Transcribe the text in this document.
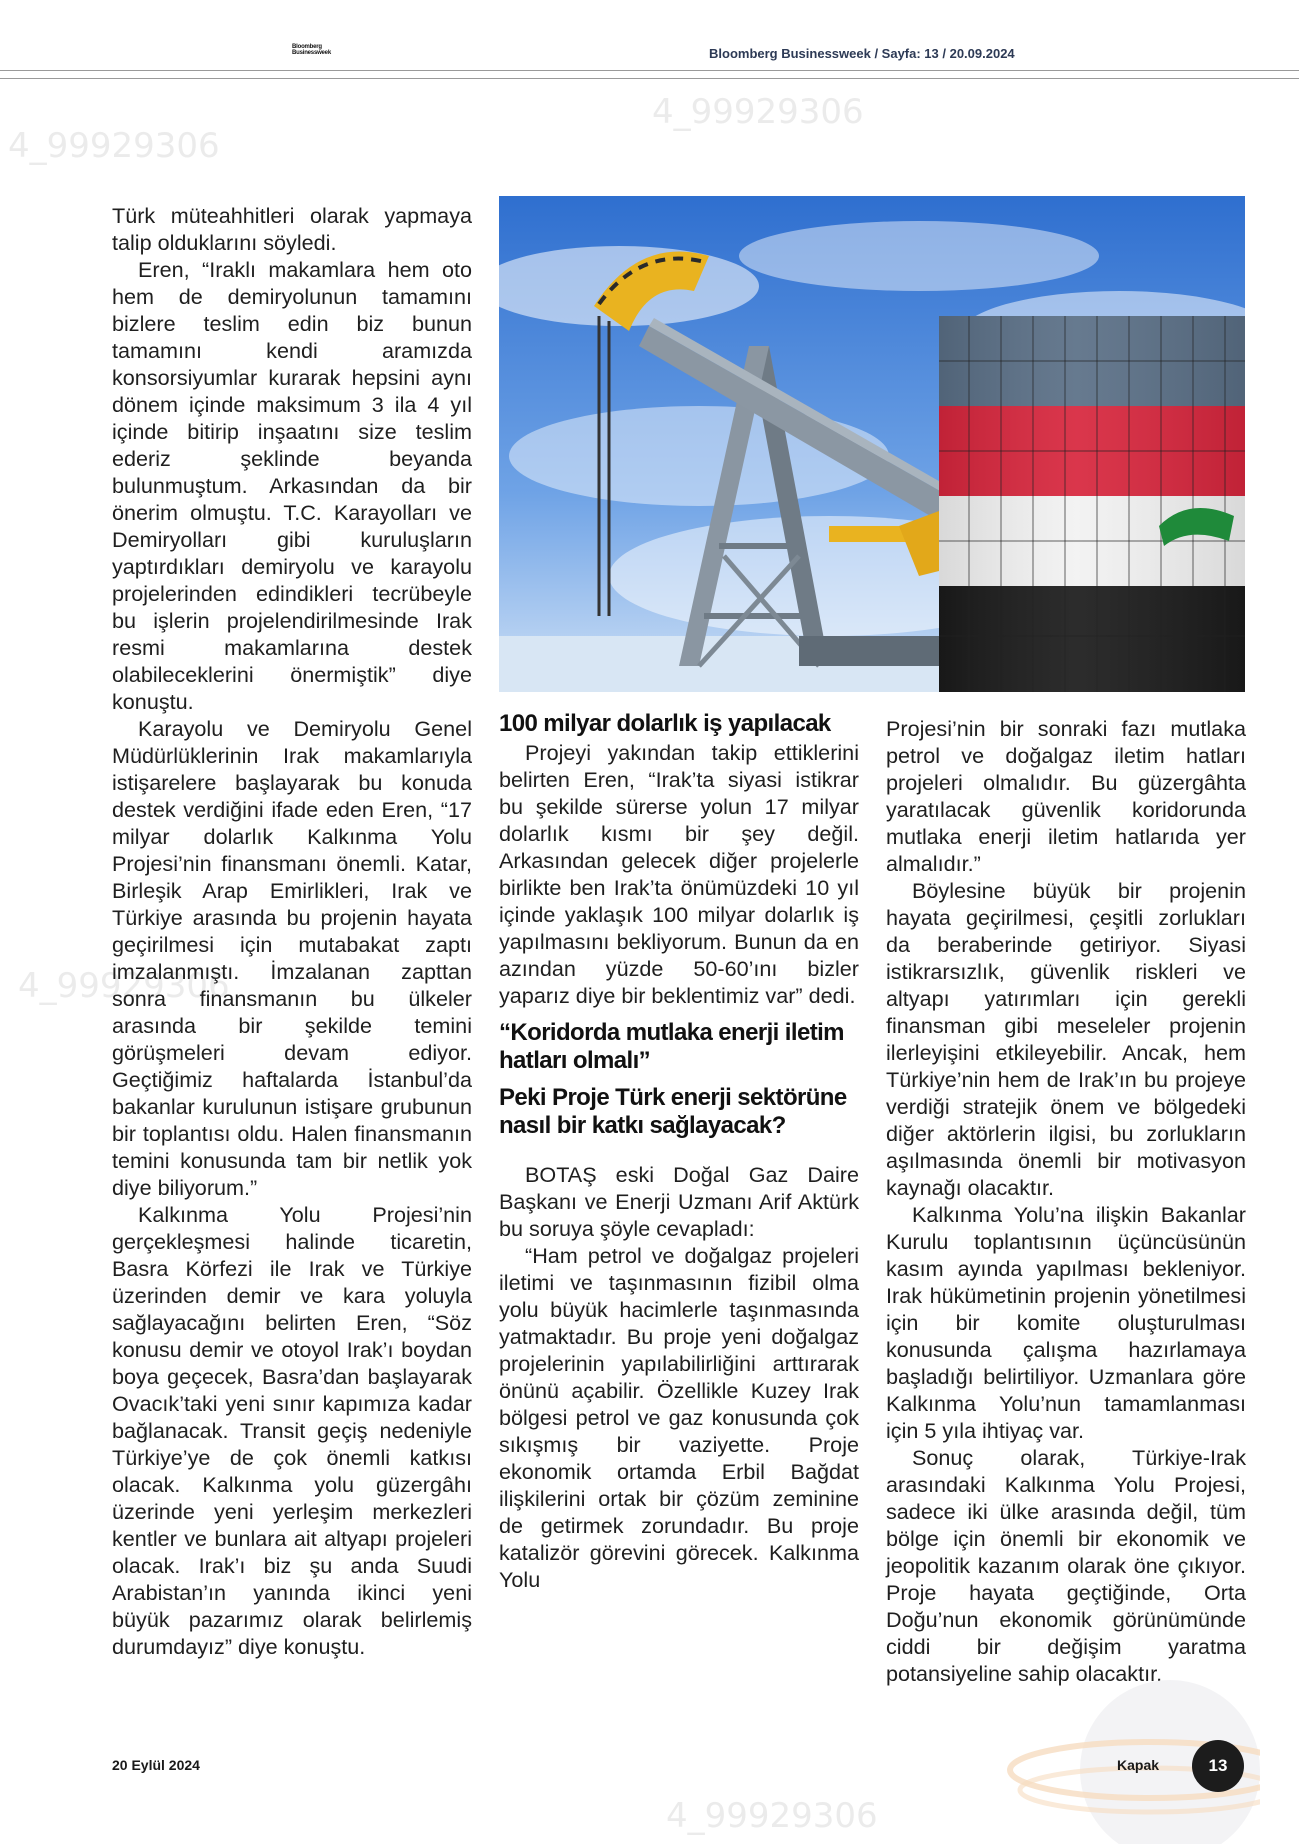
Bloomberg Businessweek	Bloomberg Businessweek / Sayfa: 13 / 20.09.2024
4_99929306
4_99929306
4_99929306
4_99929306

Türk müteahhitleri olarak yapmaya talip olduklarını söyledi.

Eren, “Iraklı makamlara hem oto hem de demiryolunun tamamını bizlere teslim edin biz bunun tamamını kendi aramızda konsorsiyumlar kurarak hepsini aynı dönem içinde maksimum 3 ila 4 yıl içinde bitirip inşaatını size teslim ederiz şeklinde beyanda bulunmuştum. Arkasından da bir önerim olmuştu. T.C. Karayolları ve Demiryolları gibi kuruluşların yaptırdıkları demiryolu ve karayolu projelerinden edindikleri tecrübeyle bu işlerin projelendirilmesinde Irak resmi makamlarına destek olabileceklerini önermiştik” diye konuştu.

Karayolu ve Demiryolu Genel Müdürlüklerinin Irak makamlarıyla istişarelere başlayarak bu konuda destek verdiğini ifade eden Eren, “17 milyar dolarlık Kalkınma Yolu Projesi’nin finansmanı önemli. Katar, Birleşik Arap Emirlikleri, Irak ve Türkiye arasında bu projenin hayata geçirilmesi için mutabakat zaptı imzalanmıştı. İmzalanan zapttan sonra finansmanın bu ülkeler arasında bir şekilde temini görüşmeleri devam ediyor. Geçtiğimiz haftalarda İstanbul’da bakanlar kurulunun istişare grubunun bir toplantısı oldu. Halen finansmanın temini konusunda tam bir netlik yok diye biliyorum.”

Kalkınma Yolu Projesi’nin gerçekleşmesi halinde ticaretin, Basra Körfezi ile Irak ve Türkiye üzerinden demir ve kara yoluyla sağlayacağını belirten Eren, “Söz konusu demir ve otoyol Irak’ı boydan boya geçecek, Basra’dan başlayarak Ovacık’taki yeni sınır kapımıza kadar bağlanacak. Transit geçiş nedeniyle Türkiye’ye de çok önemli katkısı olacak. Kalkınma yolu güzergâhı üzerinde yeni yerleşim merkezleri kentler ve bunlara ait altyapı projeleri olacak. Irak’ı biz şu anda Suudi Arabistan’ın yanında ikinci yeni büyük pazarımız olarak belirlemiş durumdayız” diye konuştu.

100 milyar dolarlık iş yapılacak

Projeyi yakından takip ettiklerini belirten Eren, “Irak’ta siyasi istikrar bu şekilde sürerse yolun 17 milyar dolarlık kısmı bir şey değil. Arkasından gelecek diğer projelerle birlikte ben Irak’ta önümüzdeki 10 yıl içinde yaklaşık 100 milyar dolarlık iş yapılmasını bekliyorum. Bunun da en azından yüzde 50-60’ını bizler yaparız diye bir beklentimiz var” dedi.

“Koridorda mutlaka enerji iletim hatları olmalı”
Peki Proje Türk enerji sektörüne nasıl bir katkı sağlayacak?

BOTAŞ eski Doğal Gaz Daire Başkanı ve Enerji Uzmanı Arif Aktürk bu soruya şöyle cevapladı:

“Ham petrol ve doğalgaz projeleri iletimi ve taşınmasının fizibil olma yolu büyük hacimlerle taşınmasında yatmaktadır. Bu proje yeni doğalgaz projelerinin yapılabilirliğini arttırarak önünü açabilir. Özellikle Kuzey Irak bölgesi petrol ve gaz konusunda çok sıkışmış bir vaziyette. Proje ekonomik ortamda Erbil Bağdat ilişkilerini ortak bir çözüm zeminine de getirmek zorundadır. Bu proje katalizör görevini görecek. Kalkınma Yolu

Projesi’nin bir sonraki fazı mutlaka petrol ve doğalgaz iletim hatları projeleri olmalıdır. Bu güzergâhta yaratılacak güvenlik koridorunda mutlaka enerji iletim hatlarıda yer almalıdır.”

Böylesine büyük bir projenin hayata geçirilmesi, çeşitli zorlukları da beraberinde getiriyor. Siyasi istikrarsızlık, güvenlik riskleri ve altyapı yatırımları için gerekli finansman gibi meseleler projenin ilerleyişini etkileyebilir. Ancak, hem Türkiye’nin hem de Irak’ın bu projeye verdiği stratejik önem ve bölgedeki diğer aktörlerin ilgisi, bu zorlukların aşılmasında önemli bir motivasyon kaynağı olacaktır.

Kalkınma Yolu’na ilişkin Bakanlar Kurulu toplantısının üçüncüsünün kasım ayında yapılması bekleniyor. Irak hükümetinin projenin yönetilmesi için bir komite oluşturulması konusunda çalışma hazırlamaya başladığı belirtiliyor. Uzmanlara göre Kalkınma Yolu’nun tamamlanması için 5 yıla ihtiyaç var.

Sonuç olarak, Türkiye-Irak arasındaki Kalkınma Yolu Projesi, sadece iki ülke arasında değil, tüm bölge için önemli bir ekonomik ve jeopolitik kazanım olarak öne çıkıyor. Proje hayata geçtiğinde, Orta Doğu’nun ekonomik görünümünde ciddi bir değişim yaratma potansiyeline sahip olacaktır.

20 Eylül 2024	Kapak	13
